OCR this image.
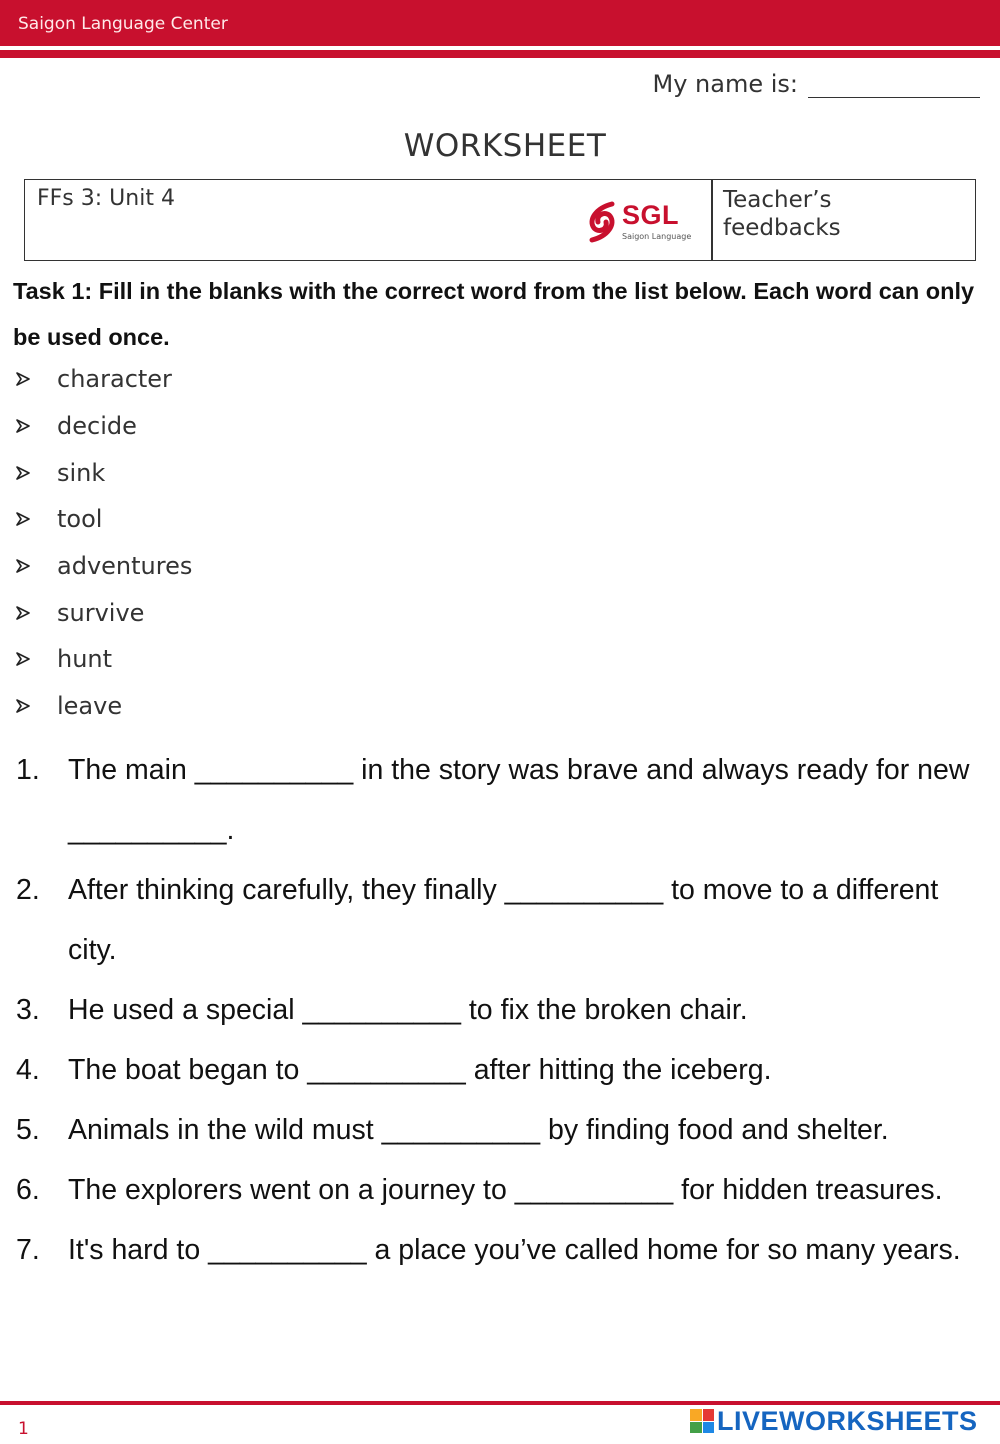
Saigon Language Center
My name is:
WORKSHEET
FFs 3: Unit 4
SGL
Saigon Language
Teacher’s feedbacks
Task 1: Fill in the blanks with the correct word from the list below. Each word can only be used once.
character
decide
sink
tool
adventures
survive
hunt
leave
1. The main __________ in the story was brave and always ready for new __________.
2. After thinking carefully, they finally __________ to move to a different city.
3. He used a special __________ to fix the broken chair.
4. The boat began to __________ after hitting the iceberg.
5. Animals in the wild must __________ by finding food and shelter.
6. The explorers went on a journey to __________ for hidden treasures.
7. It's hard to __________ a place you’ve called home for so many years.
1	LIVEWORKSHEETS
